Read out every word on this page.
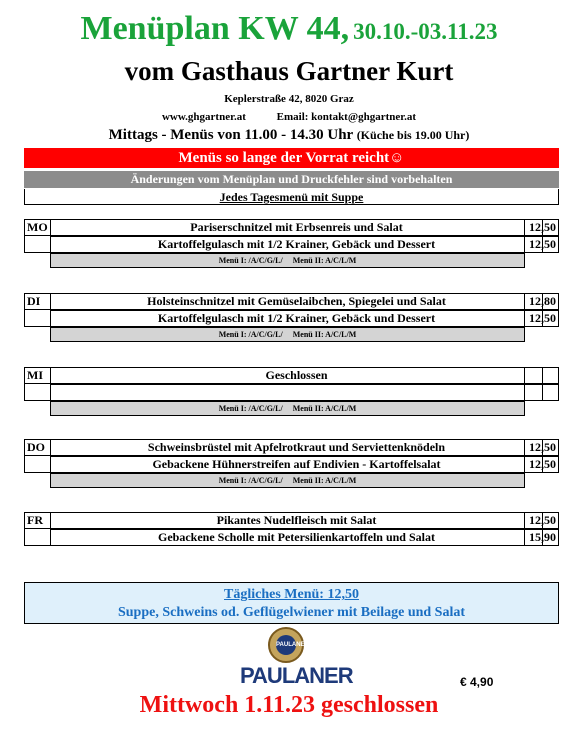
Menüplan KW 44, 30.10.-03.11.23
vom Gasthaus Gartner Kurt
Keplerstraße 42, 8020 Graz
www.ghgartner.at	Email: kontakt@ghgartner.at
Mittags - Menüs von 11.00 - 14.30 Uhr (Küche bis 19.00 Uhr)
Menüs so lange der Vorrat reicht☺
Änderungen vom Menüplan und Druckfehler sind vorbehalten
Jedes Tagesmenü mit Suppe
MO	Pariserschnitzel mit Erbsenreis und Salat	12,50
Kartoffelgulasch mit 1/2 Krainer, Gebäck und Dessert	12,50
Menü I: /A/C/G/L/ Menü II: A/C/L/M
DI	Holsteinschnitzel mit Gemüselaibchen, Spiegelei und Salat	12,80
Kartoffelgulasch mit 1/2 Krainer, Gebäck und Dessert	12,50
Menü I: /A/C/G/L/ Menü II: A/C/L/M
MI	Geschlossen
Menü I: /A/C/G/L/ Menü II: A/C/L/M
DO	Schweinsbrüstel mit Apfelrotkraut und Serviettenknödeln	12,50
Gebackene Hühnerstreifen auf Endivien - Kartoffelsalat	12,50
Menü I: /A/C/G/L/ Menü II: A/C/L/M
FR	Pikantes Nudelfleisch mit Salat	12,50
Gebackene Scholle mit Petersilienkartoffeln und Salat	15,90
Tägliches Menü: 12,50
Suppe, Schweins od. Geflügelwiener mit Beilage und Salat
PAULANER
PAULANER	€ 4,90
Mittwoch 1.11.23 geschlossen
